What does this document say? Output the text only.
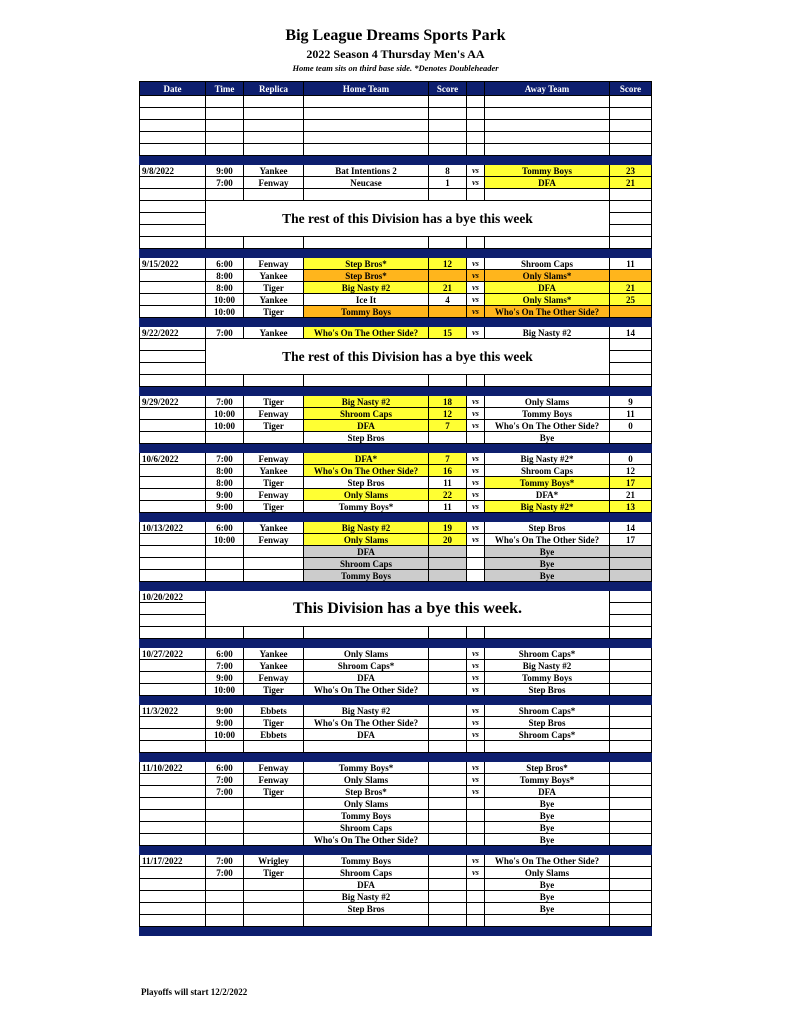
Big League Dreams Sports Park
2022 Season 4 Thursday Men's AA
Home team sits on third base side. *Denotes Doubleheader
Date	Time	Replica	Home Team	Score		Away Team	Score

9/8/2022	9:00	Yankee	Bat Intentions 2	8	vs	Tommy Boys	23
	7:00	Fenway	Neucase	1	vs	DFA	21

	The rest of this Division has a bye this week						

9/15/2022	6:00	Fenway	Step Bros*	12	vs	Shroom Caps	11
	8:00	Yankee	Step Bros*		vs	Only Slams*	
	8:00	Tiger	Big Nasty #2	21	vs	DFA	21
	10:00	Yankee	Ice It	4	vs	Only Slams*	25
	10:00	Tiger	Tommy Boys		vs	Who's On The Other Side?	

9/22/2022	7:00	Yankee	Who's On The Other Side?	15	vs	Big Nasty #2	14
	The rest of this Division has a bye this week						

9/29/2022	7:00	Tiger	Big Nasty #2	18	vs	Only Slams	9
	10:00	Fenway	Shroom Caps	12	vs	Tommy Boys	11
	10:00	Tiger	DFA	7	vs	Who's On The Other Side?	0
			Step Bros			Bye	

10/6/2022	7:00	Fenway	DFA*	7	vs	Big Nasty #2*	0
	8:00	Yankee	Who's On The Other Side?	16	vs	Shroom Caps	12
	8:00	Tiger	Step Bros	11	vs	Tommy Boys*	17
	9:00	Fenway	Only Slams	22	vs	DFA*	21
	9:00	Tiger	Tommy Boys*	11	vs	Big Nasty #2*	13

10/13/2022	6:00	Yankee	Big Nasty #2	19	vs	Step Bros	14
	10:00	Fenway	Only Slams	20	vs	Who's On The Other Side?	17
			DFA			Bye	
			Shroom Caps			Bye	
			Tommy Boys			Bye	

10/20/2022	This Division has a bye this week.						

10/27/2022	6:00	Yankee	Only Slams		vs	Shroom Caps*	
	7:00	Yankee	Shroom Caps*		vs	Big Nasty #2	
	9:00	Fenway	DFA		vs	Tommy Boys	
	10:00	Tiger	Who's On The Other Side?		vs	Step Bros	

11/3/2022	9:00	Ebbets	Big Nasty #2		vs	Shroom Caps*	
	9:00	Tiger	Who's On The Other Side?		vs	Step Bros	
	10:00	Ebbets	DFA		vs	Shroom Caps*	

11/10/2022	6:00	Fenway	Tommy Boys*		vs	Step Bros*	
	7:00	Fenway	Only Slams		vs	Tommy Boys*	
	7:00	Tiger	Step Bros*		vs	DFA	
			Only Slams			Bye	
			Tommy Boys			Bye	
			Shroom Caps			Bye	
			Who's On The Other Side?			Bye	

11/17/2022	7:00	Wrigley	Tommy Boys		vs	Who's On The Other Side?	
	7:00	Tiger	Shroom Caps		vs	Only Slams	
			DFA			Bye	
			Big Nasty #2			Bye	
			Step Bros			Bye	

Playoffs will start 12/2/2022
